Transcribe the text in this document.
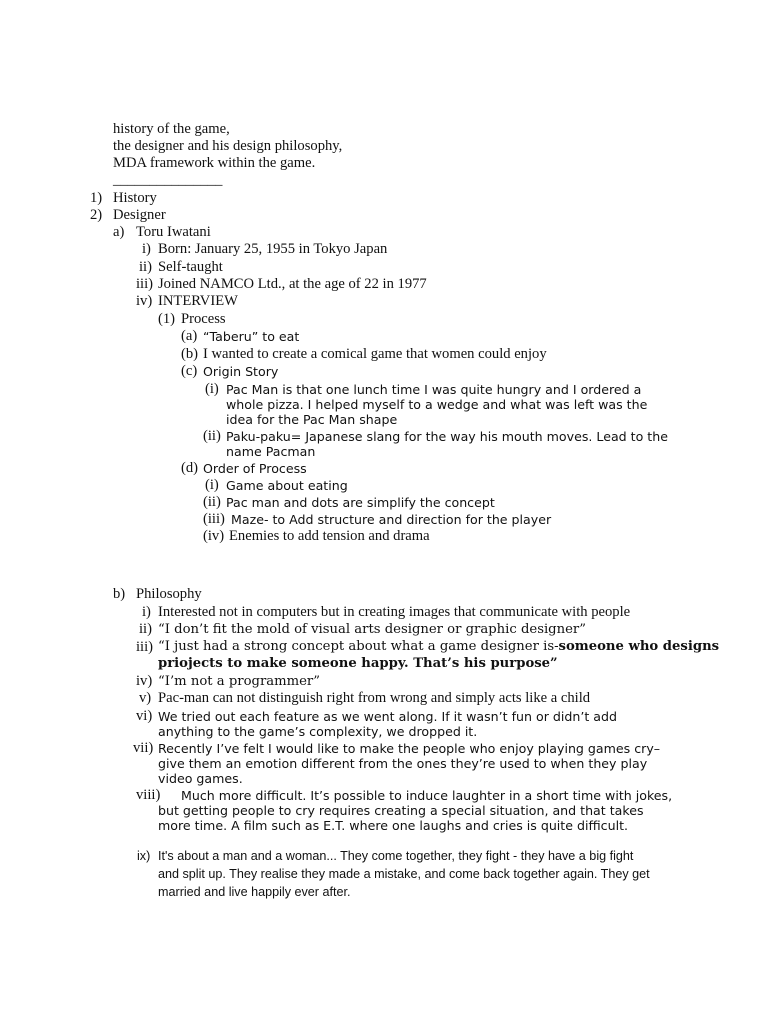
history of the game,
the designer and his design philosophy,
MDA framework within the game.
_______________
1) History
2) Designer
a) Toru Iwatani
i) Born: January 25, 1955 in Tokyo Japan
ii) Self-taught
iii) Joined NAMCO Ltd., at the age of 22 in 1977
iv) INTERVIEW
(1) Process
(a) “Taberu” to eat
(b) I wanted to create a comical game that women could enjoy
(c) Origin Story
(i) Pac Man is that one lunch time I was quite hungry and I ordered a
whole pizza. I helped myself to a wedge and what was left was the
idea for the Pac Man shape
(ii) Paku-paku= Japanese slang for the way his mouth moves. Lead to the
name Pacman
(d) Order of Process
(i) Game about eating
(ii) Pac man and dots are simplify the concept
(iii) Maze- to Add structure and direction for the player
(iv) Enemies to add tension and drama
b) Philosophy
i) Interested not in computers but in creating images that communicate with people
ii) “I don’t fit the mold of visual arts designer or graphic designer”
iii) “I just had a strong concept about what a game designer is-someone who designs
priojects to make someone happy. That’s his purpose”
iv) “I’m not a programmer”
v) Pac-man can not distinguish right from wrong and simply acts like a child
vi) We tried out each feature as we went along. If it wasn’t fun or didn’t add
anything to the game’s complexity, we dropped it.
vii) Recently I’ve felt I would like to make the people who enjoy playing games cry–
give them an emotion different from the ones they’re used to when they play
video games.
viii) Much more difficult. It’s possible to induce laughter in a short time with jokes,
but getting people to cry requires creating a special situation, and that takes
more time. A film such as E.T. where one laughs and cries is quite difficult.
ix) It's about a man and a woman... They come together, they fight - they have a big fight
and split up. They realise they made a mistake, and come back together again. They get
married and live happily ever after.
